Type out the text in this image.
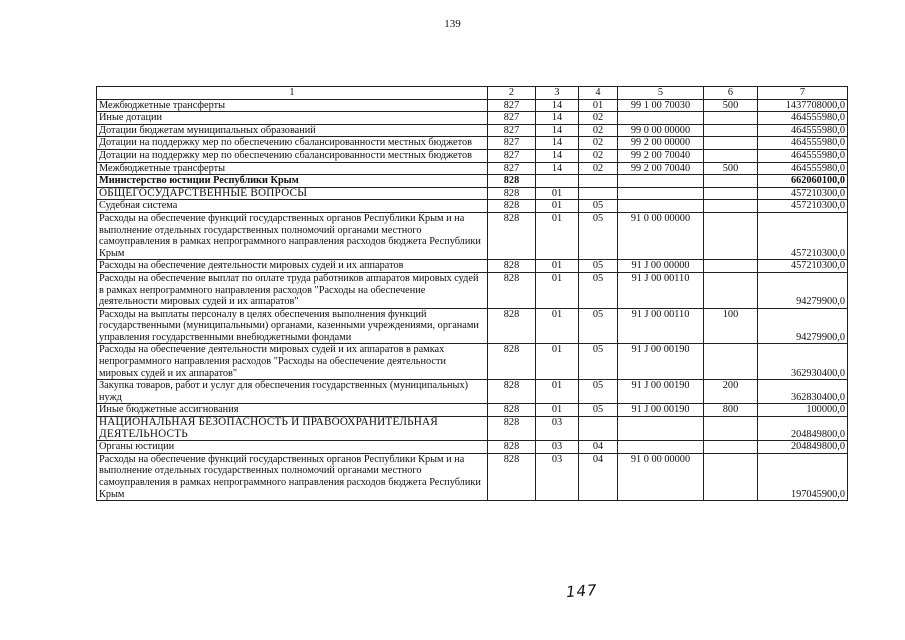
139
1	2	3	4	5	6	7
Межбюджетные трансферты	827	14	01	99 1 00 70030	500	1437708000,0
Иные дотации	827	14	02			464555980,0
Дотации бюджетам муниципальных образований	827	14	02	99 0 00 00000		464555980,0
Дотации на поддержку мер по обеспечению сбалансированности местных бюджетов	827	14	02	99 2 00 00000		464555980,0
Дотации на поддержку мер по обеспечению сбалансированности местных бюджетов	827	14	02	99 2 00 70040		464555980,0
Межбюджетные трансферты	827	14	02	99 2 00 70040	500	464555980,0
Министерство юстиции Республики Крым	828					662060100,0
ОБЩЕГОСУДАРСТВЕННЫЕ ВОПРОСЫ	828	01				457210300,0
Судебная система	828	01	05			457210300,0
Расходы на обеспечение функций государственных органов Республики Крым и на выполнение отдельных государственных полномочий органами местного самоуправления в рамках непрограммного направления расходов бюджета Республики Крым	828	01	05	91 0 00 00000		457210300,0
Расходы на обеспечение деятельности мировых судей и их аппаратов	828	01	05	91 J 00 00000		457210300,0
Расходы на обеспечение выплат по оплате труда работников аппаратов мировых судей в рамках непрограммного направления расходов "Расходы на обеспечение деятельности мировых судей и их аппаратов"	828	01	05	91 J 00 00110		94279900,0
Расходы на выплаты персоналу в целях обеспечения выполнения функций государственными (муниципальными) органами, казенными учреждениями, органами управления государственными внебюджетными фондами	828	01	05	91 J 00 00110	100	94279900,0
Расходы на обеспечение деятельности мировых судей и их аппаратов в рамках непрограммного направления расходов "Расходы на обеспечение деятельности мировых судей и их аппаратов"	828	01	05	91 J 00 00190		362930400,0
Закупка товаров, работ и услуг для обеспечения государственных (муниципальных) нужд	828	01	05	91 J 00 00190	200	362830400,0
Иные бюджетные ассигнования	828	01	05	91 J 00 00190	800	100000,0
НАЦИОНАЛЬНАЯ БЕЗОПАСНОСТЬ И ПРАВООХРАНИТЕЛЬНАЯ ДЕЯТЕЛЬНОСТЬ	828	03				204849800,0
Органы юстиции	828	03	04			204849800,0
Расходы на обеспечение функций государственных органов Республики Крым и на выполнение отдельных государственных полномочий органами местного самоуправления в рамках непрограммного направления расходов бюджета Республики Крым	828	03	04	91 0 00 00000		197045900,0
147
